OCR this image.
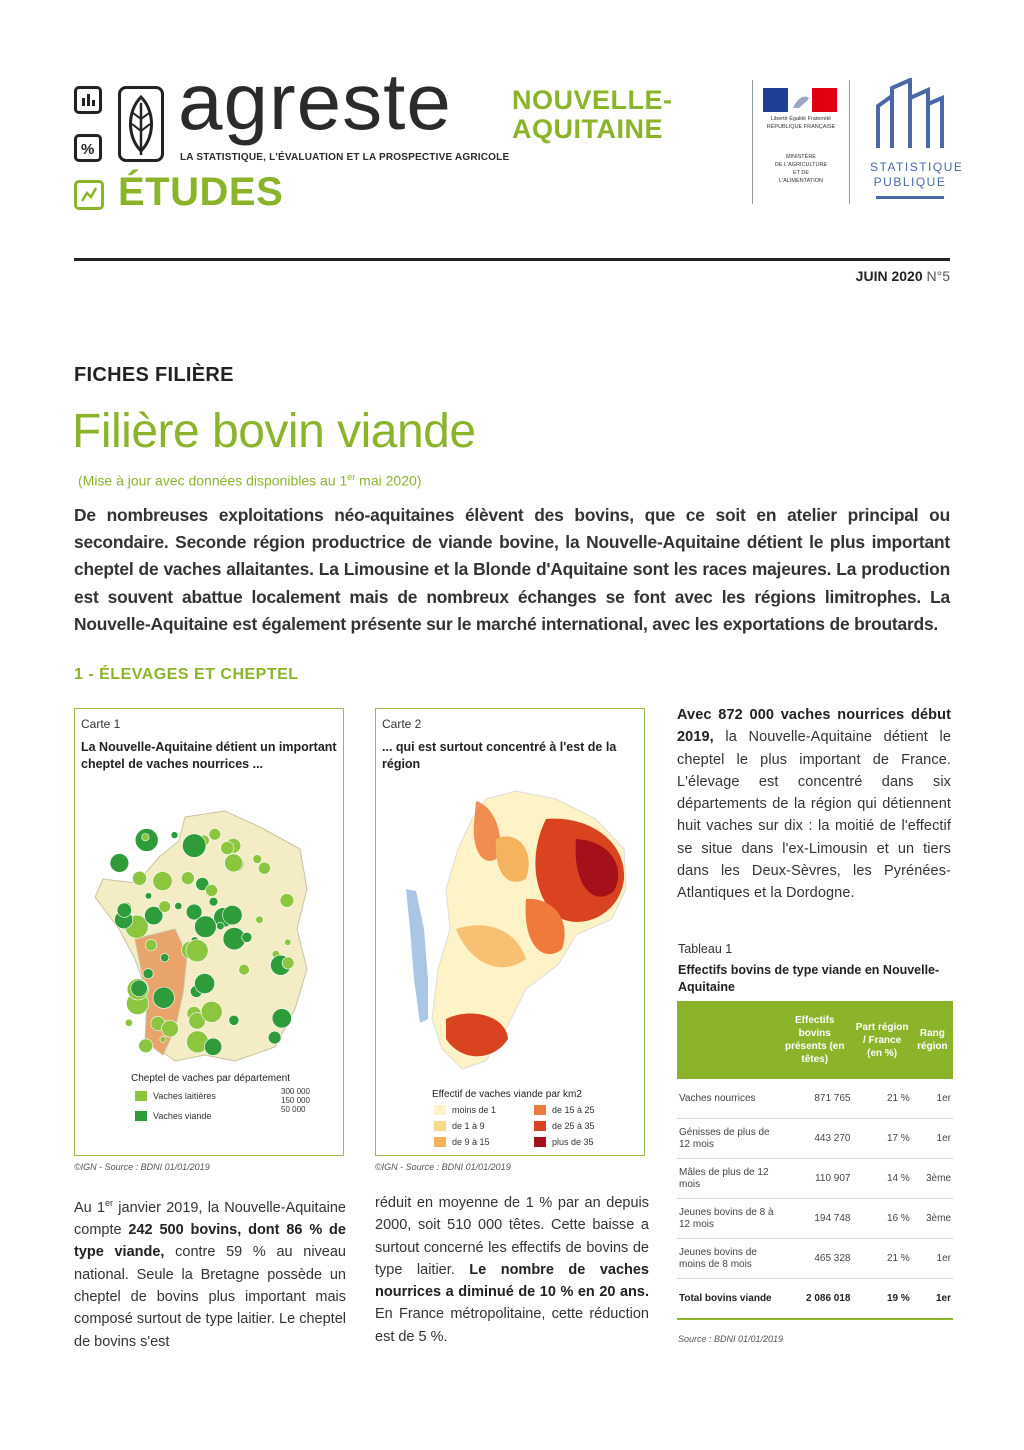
%
agreste
LA STATISTIQUE, L'ÉVALUATION ET LA PROSPECTIVE AGRICOLE
ÉTUDES
NOUVELLE-
AQUITAINE	Liberté Égalité Fraternité
RÉPUBLIQUE FRANÇAISE
MINISTÈRE
DE L'AGRICULTURE
ET DE
L'ALIMENTATION
STATISTIQUE
PUBLIQUE
JUIN 2020 N°5
FICHES FILIÈRE
Filière bovin viande
(Mise à jour avec données disponibles au 1er mai 2020)
De nombreuses exploitations néo-aquitaines élèvent des bovins, que ce soit en atelier principal ou secondaire. Seconde région productrice de viande bovine, la Nouvelle-Aquitaine détient le plus important cheptel de vaches allaitantes. La Limousine et la Blonde d'Aquitaine sont les races majeures. La production est souvent abattue localement mais de nombreux échanges se font avec les régions limitrophes. La Nouvelle-Aquitaine est également présente sur le marché international, avec les exportations de broutards.
1 - ÉLEVAGES ET CHEPTEL
Carte 1
La Nouvelle-Aquitaine détient un important cheptel de vaches nourrices ...
Cheptel de vaches par département
Vaches laitières
Vaches viande
300 000
150 000
50 000
©IGN - Source : BDNI 01/01/2019
Carte 2
... qui est surtout concentré à l'est de la région
Effectif de vaches viande par km2
moins de 1
de 1 à 9
de 9 à 15
de 15 à 25
de 25 à 35
plus de 35
©IGN - Source : BDNI 01/01/2019
Avec 872 000 vaches nourrices début 2019, la Nouvelle-Aquitaine détient le cheptel le plus important de France. L'élevage est concentré dans six départements de la région qui détiennent huit vaches sur dix : la moitié de l'effectif se situe dans l'ex-Limousin et un tiers dans les Deux-Sèvres, les Pyrénées-Atlantiques et la Dordogne.
Tableau 1
Effectifs bovins de type viande en Nouvelle-Aquitaine
	Effectifs bovins présents (en têtes)	Part région / France (en %)	Rang région
Vaches nourrices	871 765	21 %	1er
Génisses de plus de 12 mois	443 270	17 %	1er
Mâles de plus de 12 mois	110 907	14 %	3ème
Jeunes bovins de 8 à 12 mois	194 748	16 %	3ème
Jeunes bovins de moins de 8 mois	465 328	21 %	1er
Total bovins viande	2 086 018	19 %	1er
Source : BDNI 01/01/2019
Au 1er janvier 2019, la Nouvelle-Aquitaine compte 242 500 bovins, dont 86 % de type viande, contre 59 % au niveau national. Seule la Bretagne possède un cheptel de bovins plus important mais composé surtout de type laitier. Le cheptel de bovins s'est
réduit en moyenne de 1 % par an depuis 2000, soit 510 000 têtes. Cette baisse a surtout concerné les effectifs de bovins de type laitier. Le nombre de vaches nourrices a diminué de 10 % en 20 ans. En France métropolitaine, cette réduction est de 5 %.
